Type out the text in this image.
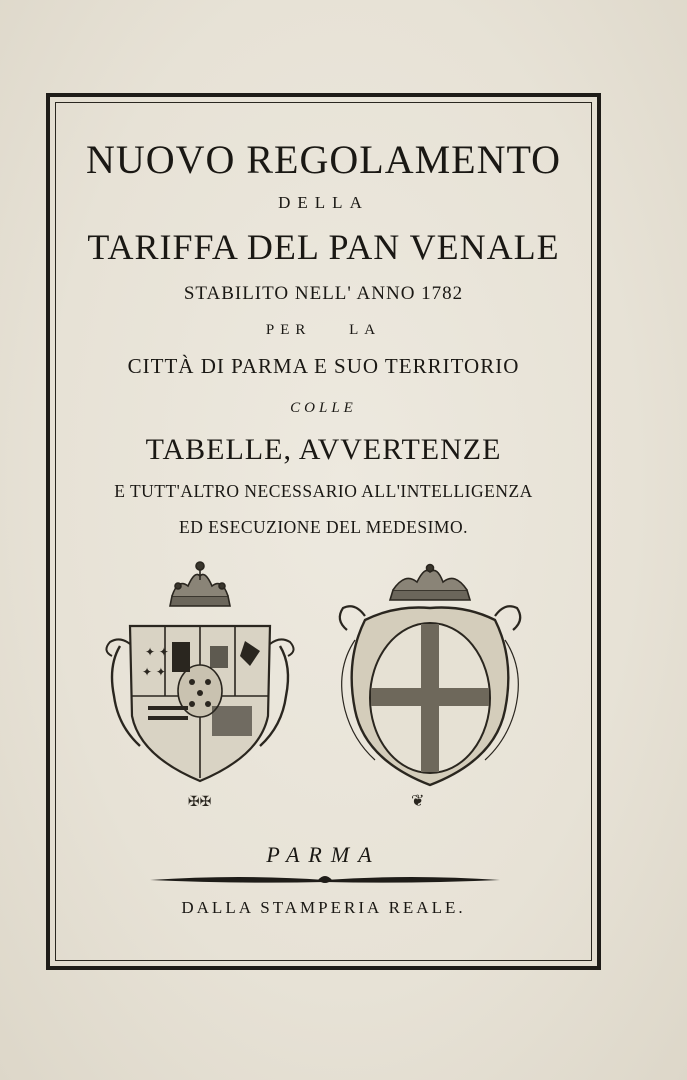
NUOVO REGOLAMENTO
DELLA
TARIFFA DEL PAN VENALE
STABILITO NELL' ANNO 1782
PER LA
CITTÀ DI PARMA E SUO TERRITORIO
COLLE
TABELLE, AVVERTENZE
E TUTT'ALTRO NECESSARIO ALL'INTELLIGENZA
ED ESECUZIONE DEL MEDESIMO.
✦ ✦
✦ ✦
✠✠	❦
PARMA
DALLA STAMPERIA REALE.
